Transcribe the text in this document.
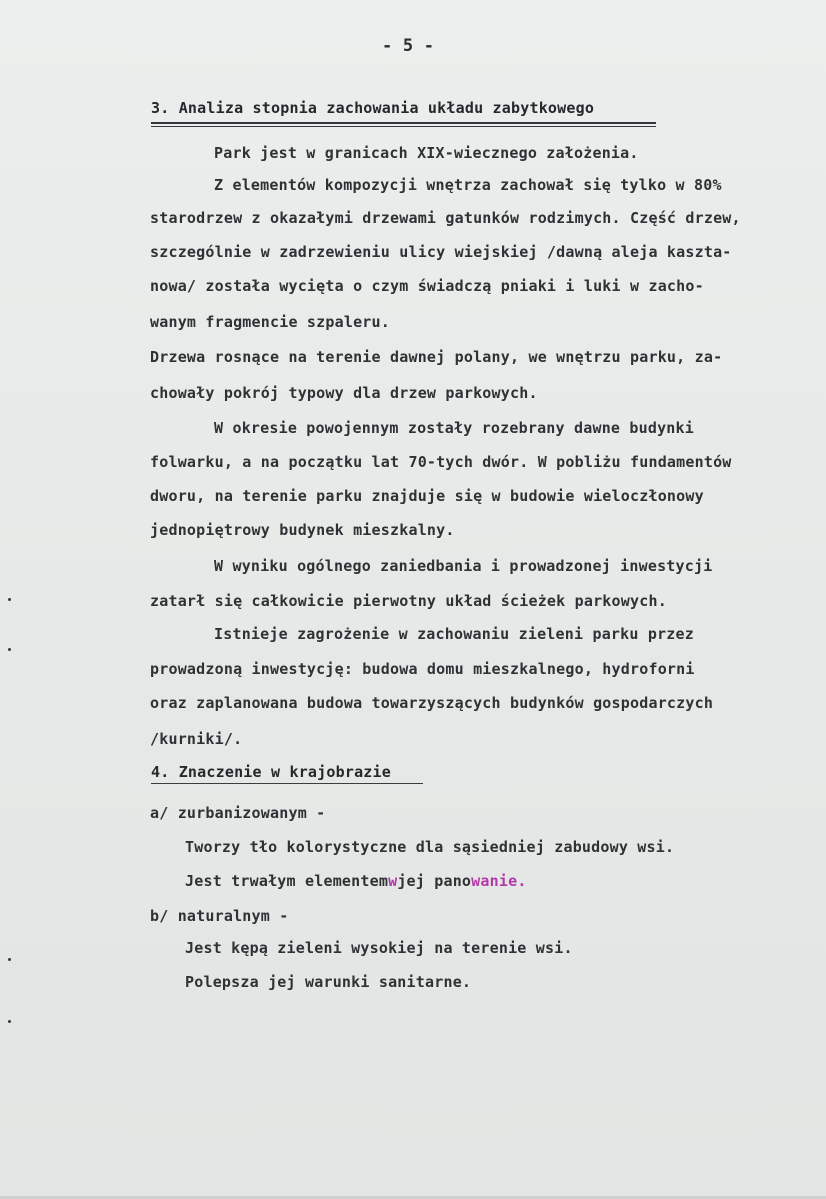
- 5 -
3. Analiza stopnia zachowania układu zabytkowego
Park jest w granicach XIX-wiecznego założenia.
Z elementów kompozycji wnętrza zachował się tylko w 80%
starodrzew z okazałymi drzewami gatunków rodzimych. Część drzew,
szczególnie w zadrzewieniu ulicy wiejskiej /dawną aleja kaszta-
nowa/ została wycięta o czym świadczą pniaki i luki w zacho-
wanym fragmencie szpaleru.
Drzewa rosnące na terenie dawnej polany, we wnętrzu parku, za-
chowały pokrój typowy dla drzew parkowych.
W okresie powojennym zostały rozebrany dawne budynki
folwarku, a na początku lat 70-tych dwór. W pobliżu fundamentów
dworu, na terenie parku znajduje się w budowie wieloczłonowy
jednopiętrowy budynek mieszkalny.
W wyniku ogólnego zaniedbania i prowadzonej inwestycji
zatarł się całkowicie pierwotny układ ścieżek parkowych.
Istnieje zagrożenie w zachowaniu zieleni parku przez
prowadzoną inwestycję: budowa domu mieszkalnego, hydroforni
oraz zaplanowana budowa towarzyszących budynków gospodarczych
/kurniki/.
4. Znaczenie w krajobrazie
a/ zurbanizowanym -
Tworzy tło kolorystyczne dla sąsiedniej zabudowy wsi.
Jest trwałym elementemwjej panowanie.
b/ naturalnym -
Jest kępą zieleni wysokiej na terenie wsi.
Polepsza jej warunki sanitarne.
